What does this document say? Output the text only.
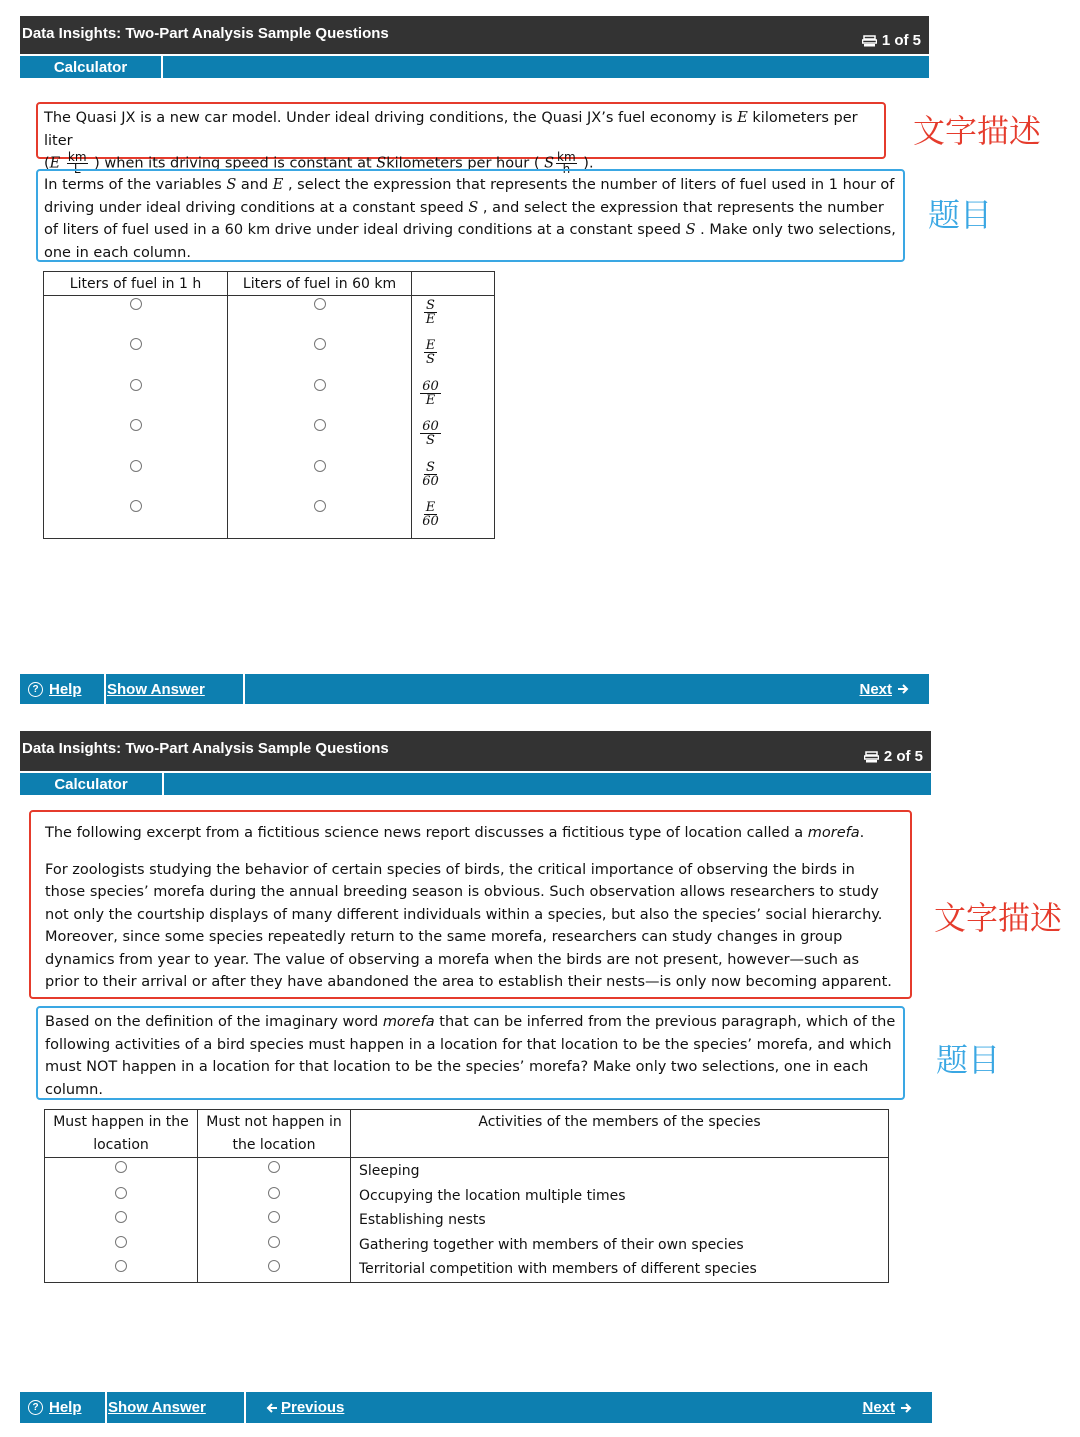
Data Insights: Two-Part Analysis Sample Questions	1 of 5
Calculator
The Quasi JX is a new car model. Under ideal driving conditions, the Quasi JX’s fuel economy is E kilometers per liter
($E \frac{km}{L}$ ) when its driving speed is constant at Skilometers per hour ( S $\frac{km}{h}$ ).
文字描述
In terms of the variables S and E , select the expression that represents the number of liters of fuel used in 1 hour of driving under ideal driving conditions at a constant speed S , and select the expression that represents the number of liters of fuel used in a 60 km drive under ideal driving conditions at a constant speed S . Make only two selections, one in each column.
题目
Liters of fuel in 1 h	Liters of fuel in 60 km	

		$\frac{S}{E}$

		$\frac{E}{S}$

		$\frac{60}{E}$

		$\frac{60}{S}$

		$\frac{S}{60}$

		$\frac{E}{60}$
? Help Show Answer	Next
Data Insights: Two-Part Analysis Sample Questions	2 of 5
Calculator
The following excerpt from a fictitious science news report discusses a fictitious type of location called a morefa.
For zoologists studying the behavior of certain species of birds, the critical importance of observing the birds in those species’ morefa during the annual breeding season is obvious. Such observation allows researchers to study not only the courtship displays of many different individuals within a species, but also the species’ social hierarchy. Moreover, since some species repeatedly return to the same morefa, researchers can study changes in group dynamics from year to year. The value of observing a morefa when the birds are not present, however—such as prior to their arrival or after they have abandoned the area to establish their nests—is only now becoming apparent.
文字描述
Based on the definition of the imaginary word morefa that can be inferred from the previous paragraph, which of the following activities of a bird species must happen in a location for that location to be the species’ morefa, and which must NOT happen in a location for that location to be the species’ morefa? Make only two selections, one in each column.
题目
Must happen in the location	Must not happen in the location	Activities of the members of the species
		Sleeping
		Occupying the location multiple times
		Establishing nests
		Gathering together with members of their own species
		Territorial competition with members of different species
? Help Show Answer	Previous	Next
